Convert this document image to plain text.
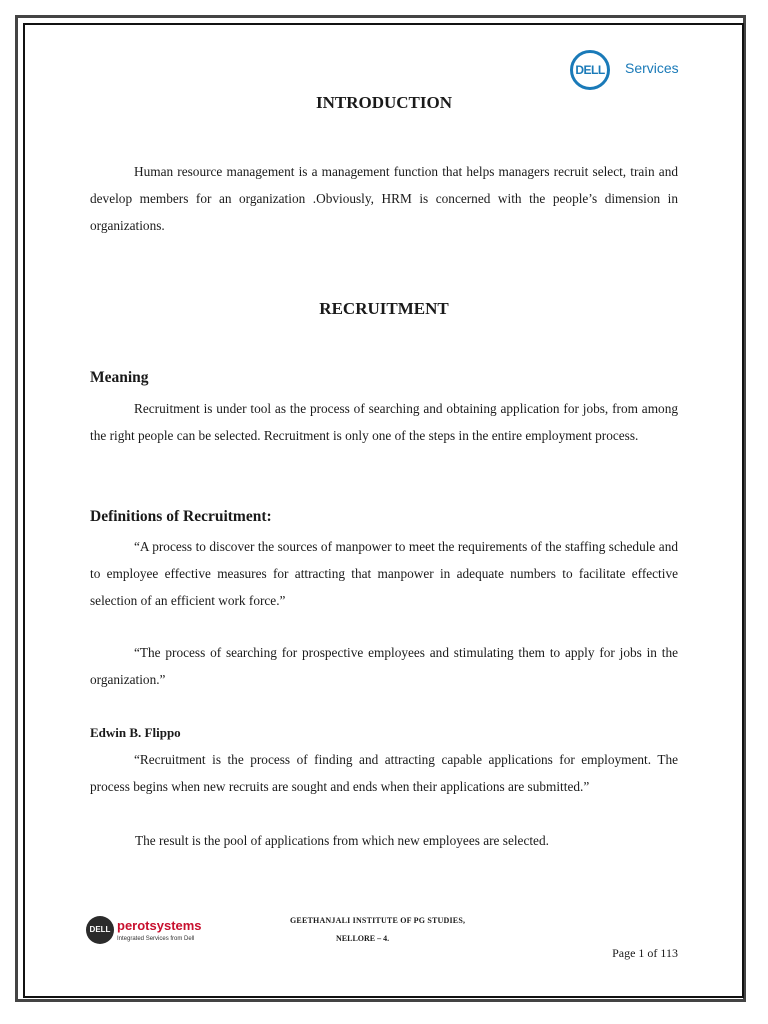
DELL	Services
INTRODUCTION
Human resource management is a management function that helps managers recruit select, train and develop members for an organization .Obviously, HRM is concerned with the people’s dimension in organizations.
RECRUITMENT
Meaning
Recruitment is under tool as the process of searching and obtaining application for jobs, from among the right people can be selected. Recruitment is only one of the steps in the entire employment process.
Definitions of Recruitment:
“A process to discover the sources of manpower to meet the requirements of the staffing schedule and to employee effective measures for attracting that manpower in adequate numbers to facilitate effective selection of an efficient work force.”
“The process of searching for prospective employees and stimulating them to apply for jobs in the organization.”
Edwin B. Flippo
“Recruitment is the process of finding and attracting capable applications for employment. The process begins when new recruits are sought and ends when their applications are submitted.”
The result is the pool of applications from which new employees are selected.
DELL perotsystems
Integrated Services from Dell
GEETHANJALI INSTITUTE OF PG STUDIES,
NELLORE – 4.
Page 1 of 113
